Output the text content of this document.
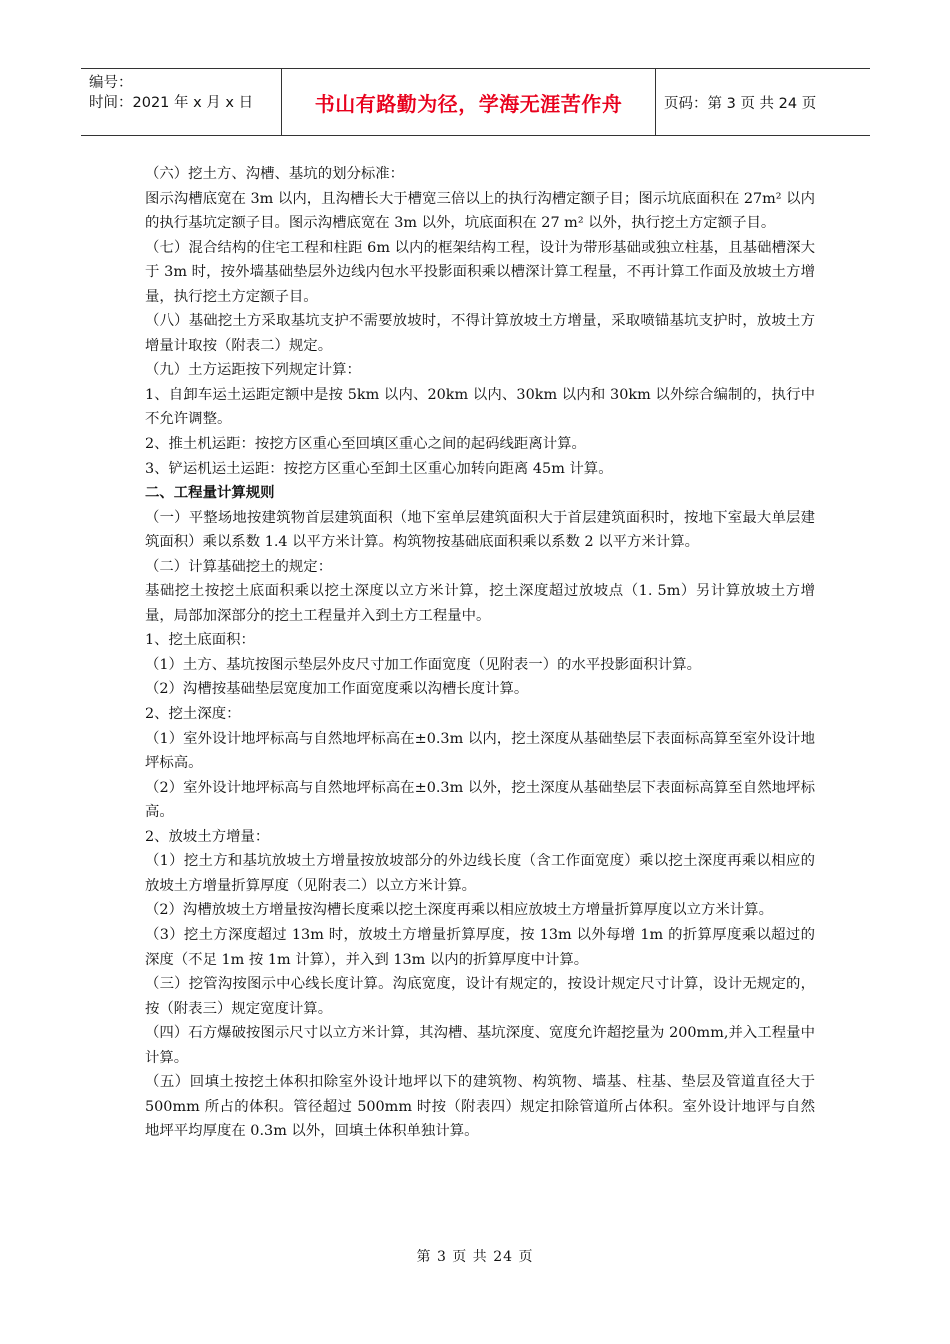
编号：
时间：2021 年 x 月 x 日	书山有路勤为径，学海无涯苦作舟	页码：第 3 页 共 24 页

（六）挖土方、沟槽、基坑的划分标准：

图示沟槽底宽在 3m 以内，且沟槽长大于槽宽三倍以上的执行沟槽定额子目；图示坑底面积在 27m² 以内的执行基坑定额子目。图示沟槽底宽在 3m 以外，坑底面积在 27 m² 以外，执行挖土方定额子目。

（七）混合结构的住宅工程和柱距 6m 以内的框架结构工程，设计为带形基础或独立柱基，且基础槽深大于 3m 时，按外墙基础垫层外边线内包水平投影面积乘以槽深计算工程量，不再计算工作面及放坡土方增量，执行挖土方定额子目。

（八）基础挖土方采取基坑支护不需要放坡时，不得计算放坡土方增量，采取喷锚基坑支护时，放坡土方增量计取按（附表二）规定。

（九）土方运距按下列规定计算：

1、自卸车运土运距定额中是按 5km 以内、20km 以内、30km 以内和 30km 以外综合编制的，执行中不允许调整。

2、推土机运距：按挖方区重心至回填区重心之间的起码线距离计算。

3、铲运机运土运距：按挖方区重心至卸土区重心加转向距离 45m 计算。

二、工程量计算规则

（一）平整场地按建筑物首层建筑面积（地下室单层建筑面积大于首层建筑面积时，按地下室最大单层建筑面积）乘以系数 1.4 以平方米计算。构筑物按基础底面积乘以系数 2 以平方米计算。

（二）计算基础挖土的规定：

基础挖土按挖土底面积乘以挖土深度以立方米计算，挖土深度超过放坡点（1. 5m）另计算放坡土方增量，局部加深部分的挖土工程量并入到土方工程量中。

1、挖土底面积：

（1）土方、基坑按图示垫层外皮尺寸加工作面宽度（见附表一）的水平投影面积计算。

（2）沟槽按基础垫层宽度加工作面宽度乘以沟槽长度计算。

2、挖土深度：

（1）室外设计地坪标高与自然地坪标高在±0.3m 以内，挖土深度从基础垫层下表面标高算至室外设计地坪标高。

（2）室外设计地坪标高与自然地坪标高在±0.3m 以外，挖土深度从基础垫层下表面标高算至自然地坪标高。

2、放坡土方增量：

（1）挖土方和基坑放坡土方增量按放坡部分的外边线长度（含工作面宽度）乘以挖土深度再乘以相应的放坡土方增量折算厚度（见附表二）以立方米计算。

（2）沟槽放坡土方增量按沟槽长度乘以挖土深度再乘以相应放坡土方增量折算厚度以立方米计算。

（3）挖土方深度超过 13m 时，放坡土方增量折算厚度，按 13m 以外每增 1m 的折算厚度乘以超过的深度（不足 1m 按 1m 计算），并入到 13m 以内的折算厚度中计算。

（三）挖管沟按图示中心线长度计算。沟底宽度，设计有规定的，按设计规定尺寸计算，设计无规定的，按（附表三）规定宽度计算。

（四）石方爆破按图示尺寸以立方米计算，其沟槽、基坑深度、宽度允许超挖量为 200mm,并入工程量中计算。

（五）回填土按挖土体积扣除室外设计地坪以下的建筑物、构筑物、墙基、柱基、垫层及管道直径大于 500mm 所占的体积。管径超过 500mm 时按（附表四）规定扣除管道所占体积。室外设计地评与自然地坪平均厚度在 0.3m 以外，回填土体积单独计算。

第 3 页 共 24 页
